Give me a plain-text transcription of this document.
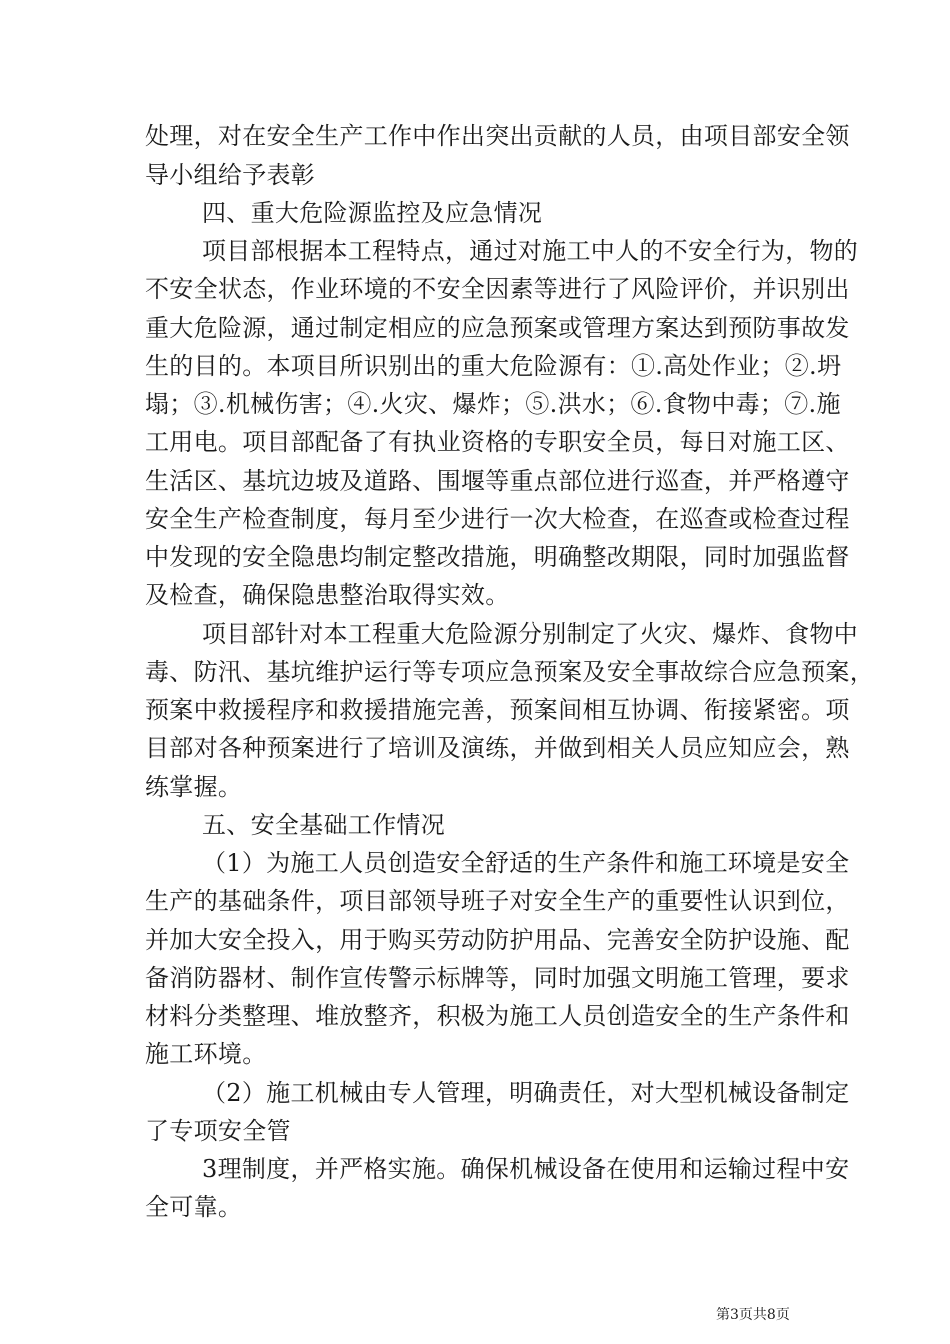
处理，对在安全生产工作中作出突出贡献的人员，由项目部安全领
导小组给予表彰
四、重大危险源监控及应急情况
项目部根据本工程特点，通过对施工中人的不安全行为，物的
不安全状态，作业环境的不安全因素等进行了风险评价，并识别出
重大危险源，通过制定相应的应急预案或管理方案达到预防事故发
生的目的。本项目所识别出的重大危险源有：①.高处作业；②.坍
塌；③.机械伤害；④.火灾、爆炸；⑤.洪水；⑥.食物中毒；⑦.施
工用电。项目部配备了有执业资格的专职安全员，每日对施工区、
生活区、基坑边坡及道路、围堰等重点部位进行巡查，并严格遵守
安全生产检查制度，每月至少进行一次大检查，在巡查或检查过程
中发现的安全隐患均制定整改措施，明确整改期限，同时加强监督
及检查，确保隐患整治取得实效。
项目部针对本工程重大危险源分别制定了火灾、爆炸、食物中
毒、防汛、基坑维护运行等专项应急预案及安全事故综合应急预案，
预案中救援程序和救援措施完善，预案间相互协调、衔接紧密。项
目部对各种预案进行了培训及演练，并做到相关人员应知应会，熟
练掌握。
五、安全基础工作情况
（1）为施工人员创造安全舒适的生产条件和施工环境是安全
生产的基础条件，项目部领导班子对安全生产的重要性认识到位，
并加大安全投入，用于购买劳动防护用品、完善安全防护设施、配
备消防器材、制作宣传警示标牌等，同时加强文明施工管理，要求
材料分类整理、堆放整齐，积极为施工人员创造安全的生产条件和
施工环境。
（2）施工机械由专人管理，明确责任，对大型机械设备制定
了专项安全管
3理制度，并严格实施。确保机械设备在使用和运输过程中安
全可靠。
第3页共8页
